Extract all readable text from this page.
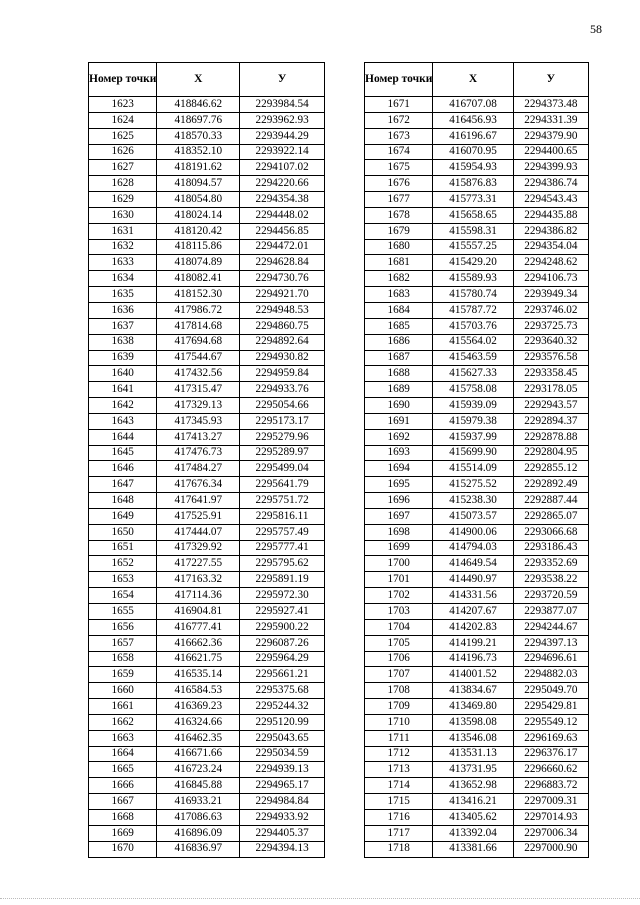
58
Номер точки	Х	У
1623	418846.62	2293984.54
1624	418697.76	2293962.93
1625	418570.33	2293944.29
1626	418352.10	2293922.14
1627	418191.62	2294107.02
1628	418094.57	2294220.66
1629	418054.80	2294354.38
1630	418024.14	2294448.02
1631	418120.42	2294456.85
1632	418115.86	2294472.01
1633	418074.89	2294628.84
1634	418082.41	2294730.76
1635	418152.30	2294921.70
1636	417986.72	2294948.53
1637	417814.68	2294860.75
1638	417694.68	2294892.64
1639	417544.67	2294930.82
1640	417432.56	2294959.84
1641	417315.47	2294933.76
1642	417329.13	2295054.66
1643	417345.93	2295173.17
1644	417413.27	2295279.96
1645	417476.73	2295289.97
1646	417484.27	2295499.04
1647	417676.34	2295641.79
1648	417641.97	2295751.72
1649	417525.91	2295816.11
1650	417444.07	2295757.49
1651	417329.92	2295777.41
1652	417227.55	2295795.62
1653	417163.32	2295891.19
1654	417114.36	2295972.30
1655	416904.81	2295927.41
1656	416777.41	2295900.22
1657	416662.36	2296087.26
1658	416621.75	2295964.29
1659	416535.14	2295661.21
1660	416584.53	2295375.68
1661	416369.23	2295244.32
1662	416324.66	2295120.99
1663	416462.35	2295043.65
1664	416671.66	2295034.59
1665	416723.24	2294939.13
1666	416845.88	2294965.17
1667	416933.21	2294984.84
1668	417086.63	2294933.92
1669	416896.09	2294405.37
1670	416836.97	2294394.13
Номер точки	Х	У
1671	416707.08	2294373.48
1672	416456.93	2294331.39
1673	416196.67	2294379.90
1674	416070.95	2294400.65
1675	415954.93	2294399.93
1676	415876.83	2294386.74
1677	415773.31	2294543.43
1678	415658.65	2294435.88
1679	415598.31	2294386.82
1680	415557.25	2294354.04
1681	415429.20	2294248.62
1682	415589.93	2294106.73
1683	415780.74	2293949.34
1684	415787.72	2293746.02
1685	415703.76	2293725.73
1686	415564.02	2293640.32
1687	415463.59	2293576.58
1688	415627.33	2293358.45
1689	415758.08	2293178.05
1690	415939.09	2292943.57
1691	415979.38	2292894.37
1692	415937.99	2292878.88
1693	415699.90	2292804.95
1694	415514.09	2292855.12
1695	415275.52	2292892.49
1696	415238.30	2292887.44
1697	415073.57	2292865.07
1698	414900.06	2293066.68
1699	414794.03	2293186.43
1700	414649.54	2293352.69
1701	414490.97	2293538.22
1702	414331.56	2293720.59
1703	414207.67	2293877.07
1704	414202.83	2294244.67
1705	414199.21	2294397.13
1706	414196.73	2294696.61
1707	414001.52	2294882.03
1708	413834.67	2295049.70
1709	413469.80	2295429.81
1710	413598.08	2295549.12
1711	413546.08	2296169.63
1712	413531.13	2296376.17
1713	413731.95	2296660.62
1714	413652.98	2296883.72
1715	413416.21	2297009.31
1716	413405.62	2297014.93
1717	413392.04	2297006.34
1718	413381.66	2297000.90
